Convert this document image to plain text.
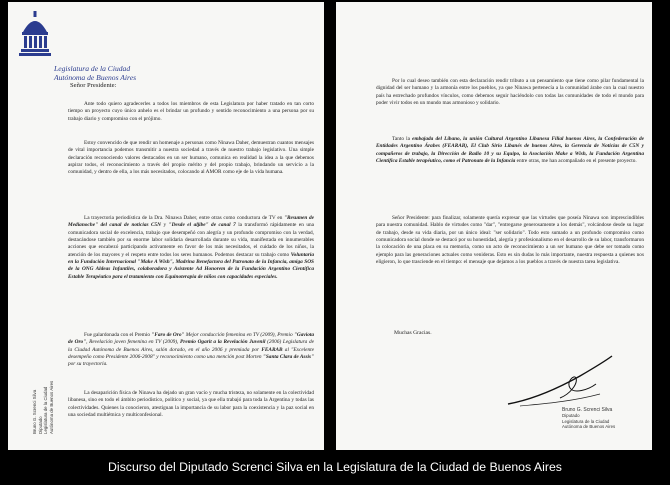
Legislatura de la Ciudad
Autónoma de Buenos Aires
Señor Presidente:

Ante todo quiero agradecerles a todos los miembros de esta Legislatura por haber tratado en tan corto tiempo un proyecto cuyo único anhelo es el brindar un profundo y sentido reconocimiento a una persona por su trabajo diario y compromiso con el prójimo.

Estoy convencido de que rendir un homenaje a personas como Ninawa Daher, demuestran cuantos mensajes de vital importancia podemos transmitir a nuestra sociedad a través de nuestro trabajo legislativo. Una simple declaración reconociendo valores destacados en un ser humano, comunica en realidad la idea a la que debemos aspirar todos, el reconocimiento a través del propio mérito y del propio trabajo, brindando un servicio a la comunidad, y dentro de ella, a los más necesitados, colocando al AMOR como eje de la vida humana.

La trayectoria periodística de la Dra. Ninawa Daher, entre otras como conductora de TV en "Resumen de Medianoche" del canal de noticias C5N y "Desde el aljibe" de canal 7 la transformó rápidamente en una comunicadora social de excelencia, trabajo que desempeñó con alegría y un profundo compromiso con la verdad, destacándose también por su enorme labor solidaria desarrollada durante su vida, manifestada en innumerables acciones que encabezó participando activamente en favor de los más necesitados, el cuidado de los niños, la atención de los mayores y el respeto entre todos los seres humanos. Podemos destacar su trabajo como Voluntaria en la Fundación Internacional "Make A Wish", Madrina Benefactora del Patronato de la Infancia, amiga SOS de la ONG Aldeas Infantiles, colaboradora y Asistente Ad Honorem de la Fundación Argentino Científica Estable Terapéutico para el tratamiento con Equinoterapia de niños con capacidades especiales.

Fue galardonada con el Premio "Faro de Oro" Mejor conducción femenina en TV (2009), Premio "Gaviota de Oro", Revelación joven femenina en TV (2009), Premio Ogarit a la Revelación Juvenil (2006) Legislatura de la Ciudad Autónoma de Buenos Aires, salón dorado, en el año 2006 y premiada por FEARAB al "Excelente desempeño como Presidente 2006-2008" y reconocimiento como una mención post Morten "Santa Clara de Assis" por su trayectoria.

La desaparición física de Ninawa ha dejado un gran vacío y mucha tristeza, no solamente en la colectividad libanesa, sino en todo el ámbito periodístico, político y social, ya que ella trabajó para toda la Argentina y todas las colectividades. Quienes la conocieron, atestiguan la importancia de su labor para la coexistencia y la paz social en una sociedad multiétnica y multiconfesional.

Bruno G. Screnci Silva Diputado Legislatura de la Ciudad Autónoma de Buenos Aires

Por lo cual deseo también con esta declaración rendir tributo a un pensamiento que tiene como pilar fundamental la dignidad del ser humano y la armonía entre los pueblos, ya que Ninawa pertenecía a la comunidad árabe con la cual nuestro país ha estrechado profundos vínculos, como debemos seguir haciéndolo con todas las comunidades de todo el mundo para poder vivir todos en un mundo mas armonioso y solidario.

Tanto la embajada del Líbano, la unión Cultural Argentino Libanesa Filial buenos Aires, la Confederación de Entidades Argentino Árabes (FEARAB), El Club Sirio Libanés de buenos Aires, la Gerencia de Noticias de C5N y compañeros de trabajo, la Dirección de Radio 10 y su Equipo, la Asociación Make a Wish, la Fundación Argentina Científica Estable terapéutico, como el Patronato de la Infancia entre otras, me han acompañado en el presente proyecto.

Señor Presidente: para finalizar, solamente quería expresar que las virtudes que poseía Ninawa son imprescindibles para nuestra comunidad. Hablo de virtudes como "dar", "entregarse generosamente a los demás", volcándose desde su lugar de trabajo, desde su vida diaria, por un único ideal: "ser solidario". Todo esto sumado a un profundo compromiso como comunicadora social donde se destacó por su honestidad, alegría y profesionalismo en el desarrollo de su labor, transformaron la colocación de una placa en su memoria, como un acto de reconocimiento a un ser humano que debe ser tomado como ejemplo para las generaciones actuales como venideras. Esto es sin dudas lo más importante, nuestra respuesta a quienes nos eligieron, lo que trasciende en el tiempo: el mensaje que dejamos a los pueblos a través de nuestra tarea legislativa.

Muchas Gracias.
Bruno G. Screnci Silva
Diputado
Legislatura de la Ciudad
Autónoma de Buenos Aires
Discurso del Diputado Screnci Silva en la Legislatura de la Ciudad de Buenos Aires
